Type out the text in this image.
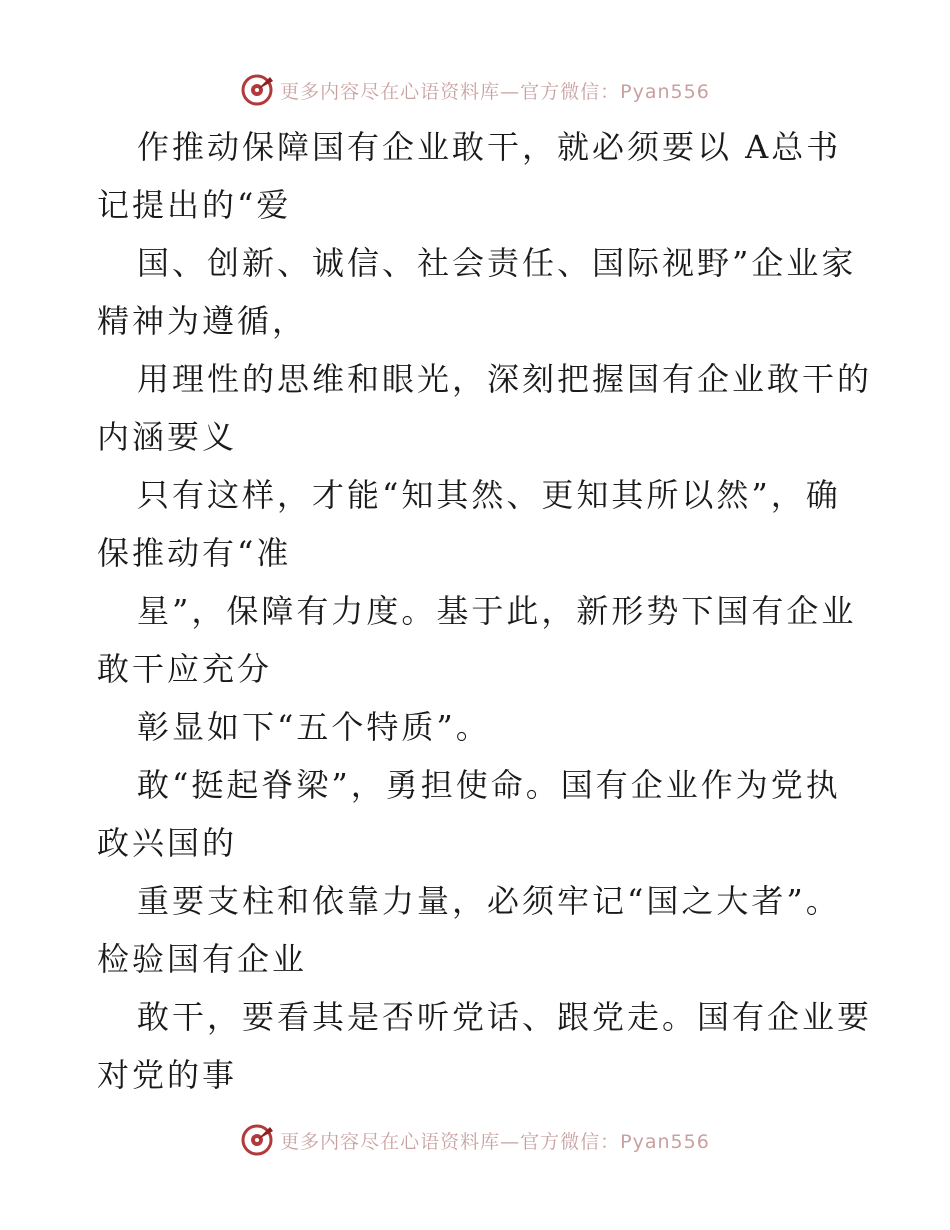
更多内容尽在心语资料库—官方微信：Pyan556
作推动保障国有企业敢干，就必须要以 A总书
记提出的“爱
国、创新、诚信、社会责任、国际视野”企业家
精神为遵循，
用理性的思维和眼光，深刻把握国有企业敢干的
内涵要义
只有这样，才能“知其然、更知其所以然”，确
保推动有“准
星”，保障有力度。基于此，新形势下国有企业
敢干应充分
彰显如下“五个特质”。
敢“挺起脊梁”，勇担使命。国有企业作为党执
政兴国的
重要支柱和依靠力量，必须牢记“国之大者”。
检验国有企业
敢干，要看其是否听党话、跟党走。国有企业要
对党的事
更多内容尽在心语资料库—官方微信：Pyan556
